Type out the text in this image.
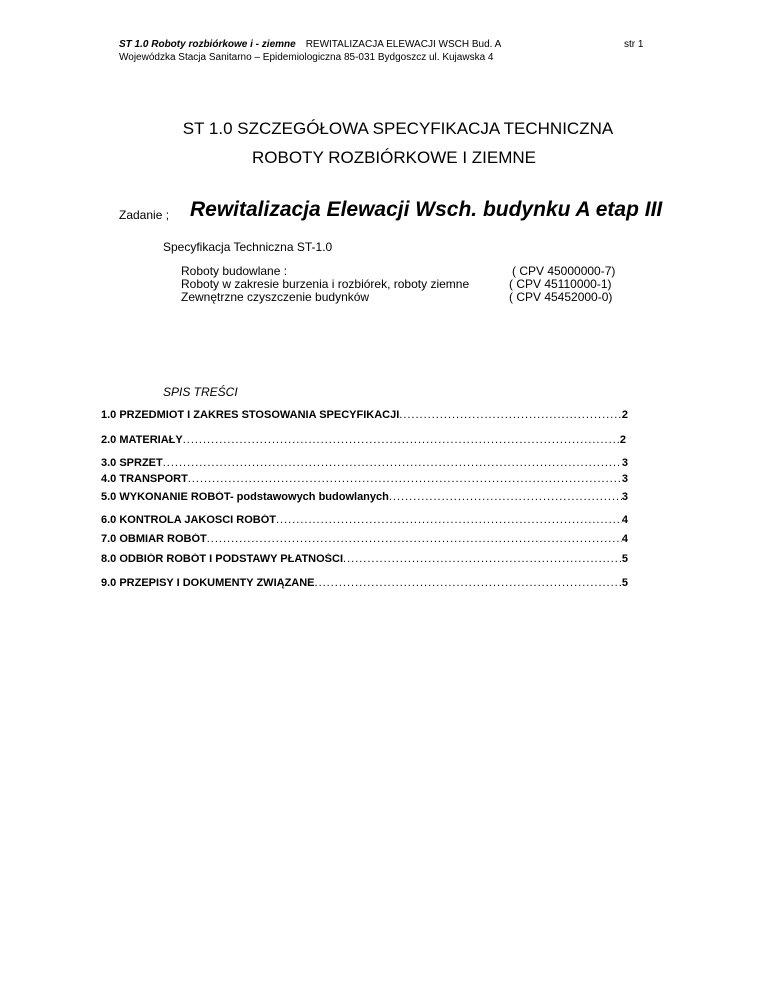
ST 1.0 Roboty rozbiórkowe i - ziemne REWITALIZACJA ELEWACJI WSCH Bud. A	str 1
Wojewódzka Stacja Sanitarno – Epidemiologiczna 85-031 Bydgoszcz ul. Kujawska 4
ST 1.0 SZCZEGÓŁOWA SPECYFIKACJA TECHNICZNA
ROBOTY ROZBIÓRKOWE I ZIEMNE
Zadanie ; Rewitalizacja Elewacji Wsch. budynku A etap III
Specyfikacja Techniczna ST-1.0
Roboty budowlane :	( CPV 45000000-7)
Roboty w zakresie burzenia i rozbiórek, roboty ziemne	( CPV 45110000-1)
Zewnętrzne czyszczenie budynków	( CPV 45452000-0)
SPIS TREŚCI
1.0 PRZEDMIOT I ZAKRES STOSOWANIA SPECYFIKACJI .....	2
2.0 MATERIAŁY .....	2
3.0 SPRZET .....	3
4.0 TRANSPORT .....	3
5.0 WYKONANIE ROBÓT- podstawowych budowlanych .....	3
6.0 KONTROLA JAKOSCI ROBÓT .....	4
7.0 OBMIAR ROBÓT .....	4
8.0 ODBIÓR ROBÓT I PODSTAWY PŁATNOŚCI .....	5
9.0 PRZEPISY I DOKUMENTY ZWIĄZANE .....	5
